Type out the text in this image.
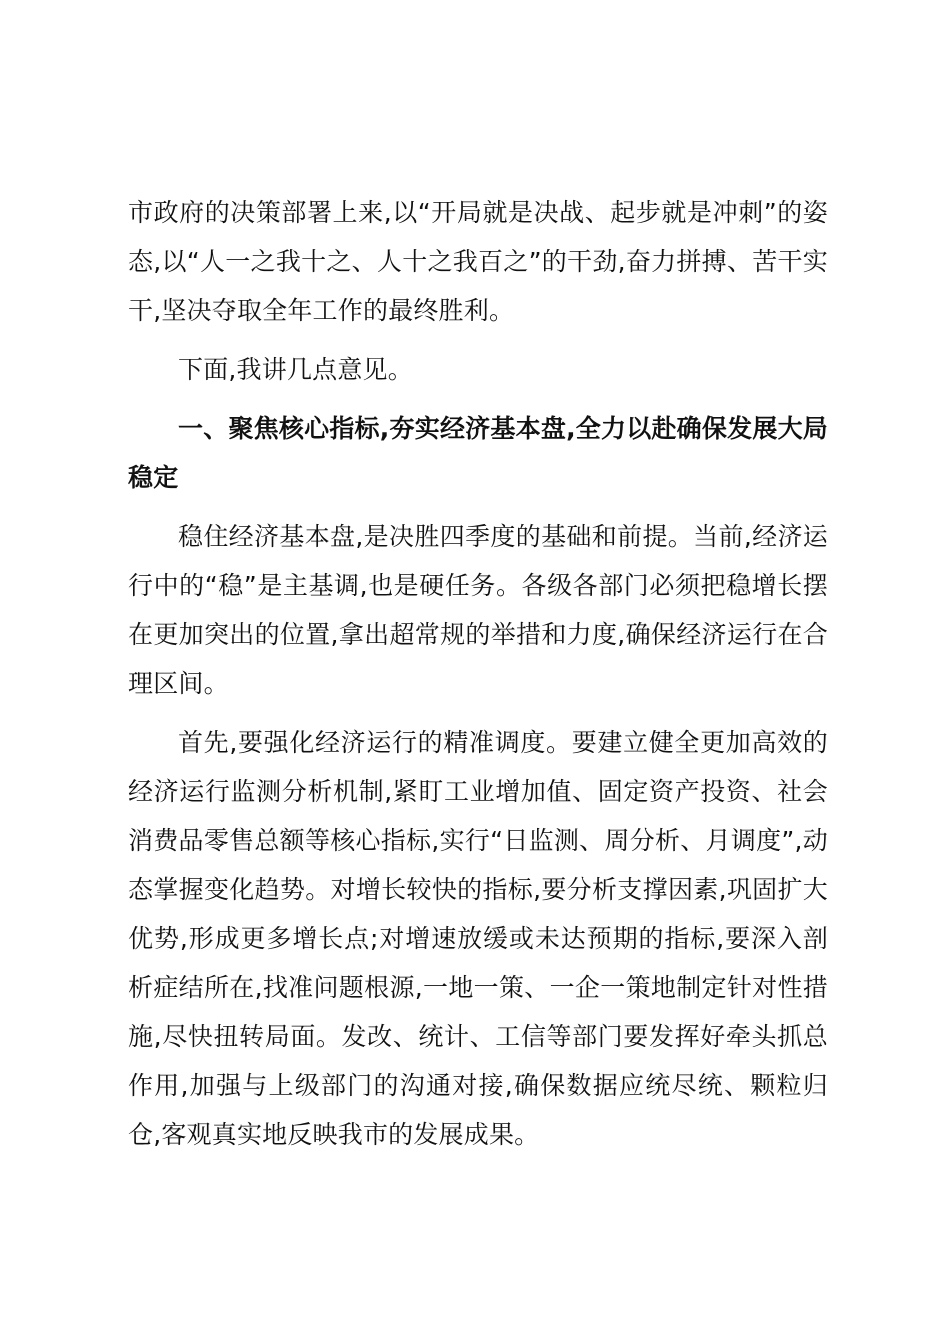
市政府的决策部署上来,以“开局就是决战、起步就是冲刺”的姿态,以“人一之我十之、人十之我百之”的干劲,奋力拼搏、苦干实干,坚决夺取全年工作的最终胜利。

下面,我讲几点意见。

一、聚焦核心指标,夯实经济基本盘,全力以赴确保发展大局稳定

稳住经济基本盘,是决胜四季度的基础和前提。当前,经济运行中的“稳”是主基调,也是硬任务。各级各部门必须把稳增长摆在更加突出的位置,拿出超常规的举措和力度,确保经济运行在合理区间。

首先,要强化经济运行的精准调度。要建立健全更加高效的经济运行监测分析机制,紧盯工业增加值、固定资产投资、社会消费品零售总额等核心指标,实行“日监测、周分析、月调度”,动态掌握变化趋势。对增长较快的指标,要分析支撑因素,巩固扩大优势,形成更多增长点;对增速放缓或未达预期的指标,要深入剖析症结所在,找准问题根源,一地一策、一企一策地制定针对性措施,尽快扭转局面。发改、统计、工信等部门要发挥好牵头抓总作用,加强与上级部门的沟通对接,确保数据应统尽统、颗粒归仓,客观真实地反映我市的发展成果。
